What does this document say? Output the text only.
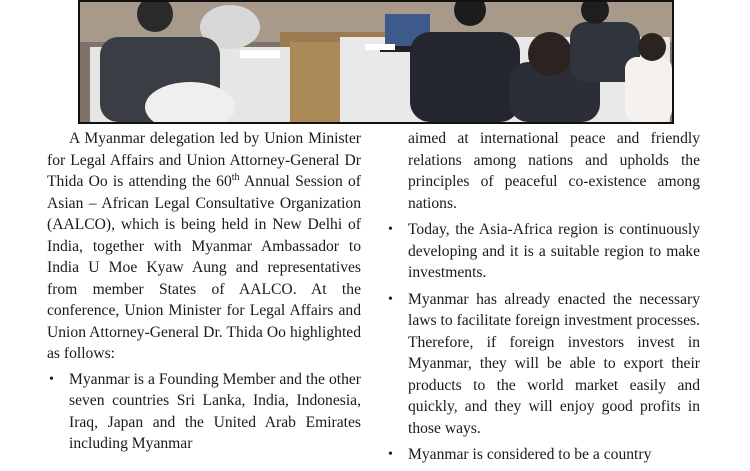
A Myanmar delegation led by Union Minister for Legal Affairs and Union Attorney-General Dr Thida Oo is attending the 60th Annual Session of Asian – African Legal Consultative Organization (AALCO), which is being held in New Delhi of India, together with Myanmar Ambassador to India U Moe Kyaw Aung and representatives from member States of AALCO. At the conference, Union Minister for Legal Affairs and Union Attorney-General Dr. Thida Oo highlighted as follows:

• Myanmar is a Founding Member and the other seven countries Sri Lanka, India, Indonesia, Iraq, Japan and the United Arab Emirates including Myanmar

aimed at international peace and friendly relations among nations and upholds the principles of peaceful co-existence among nations.

• Today, the Asia-Africa region is continuously developing and it is a suitable region to make investments.

• Myanmar has already enacted the necessary laws to facilitate foreign investment processes. Therefore, if foreign investors invest in Myanmar, they will be able to export their products to the world market easily and quickly, and they will enjoy good profits in those ways.

• Myanmar is considered to be a country
